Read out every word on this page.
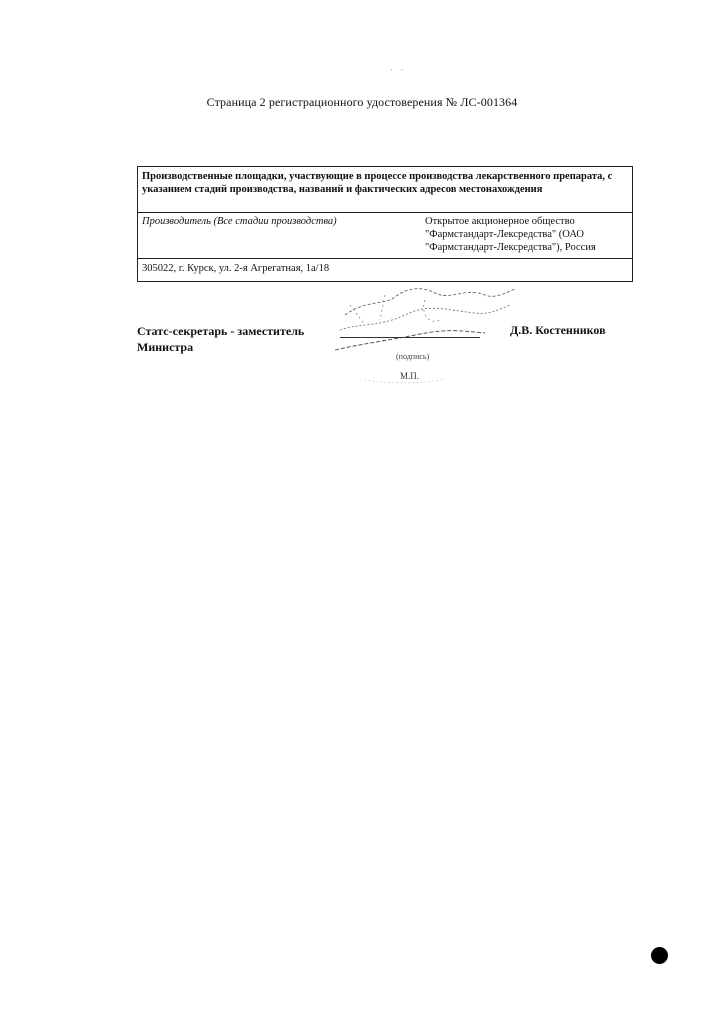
· ·
Страница 2 регистрационного удостоверения № ЛС-001364
Производственные площадки, участвующие в процессе производства лекарственного препарата, с указанием стадий производства, названий и фактических адресов местонахождения
Производитель (Все стадии производства)	Открытое акционерное общество
"Фармстандарт-Лексредства" (ОАО
"Фармстандарт-Лексредства"), Россия
305022, г. Курск, ул. 2-я Агрегатная, 1а/18
Статс-секретарь - заместитель
Министра
Д.В. Костенников
(подпись)
М.П.
